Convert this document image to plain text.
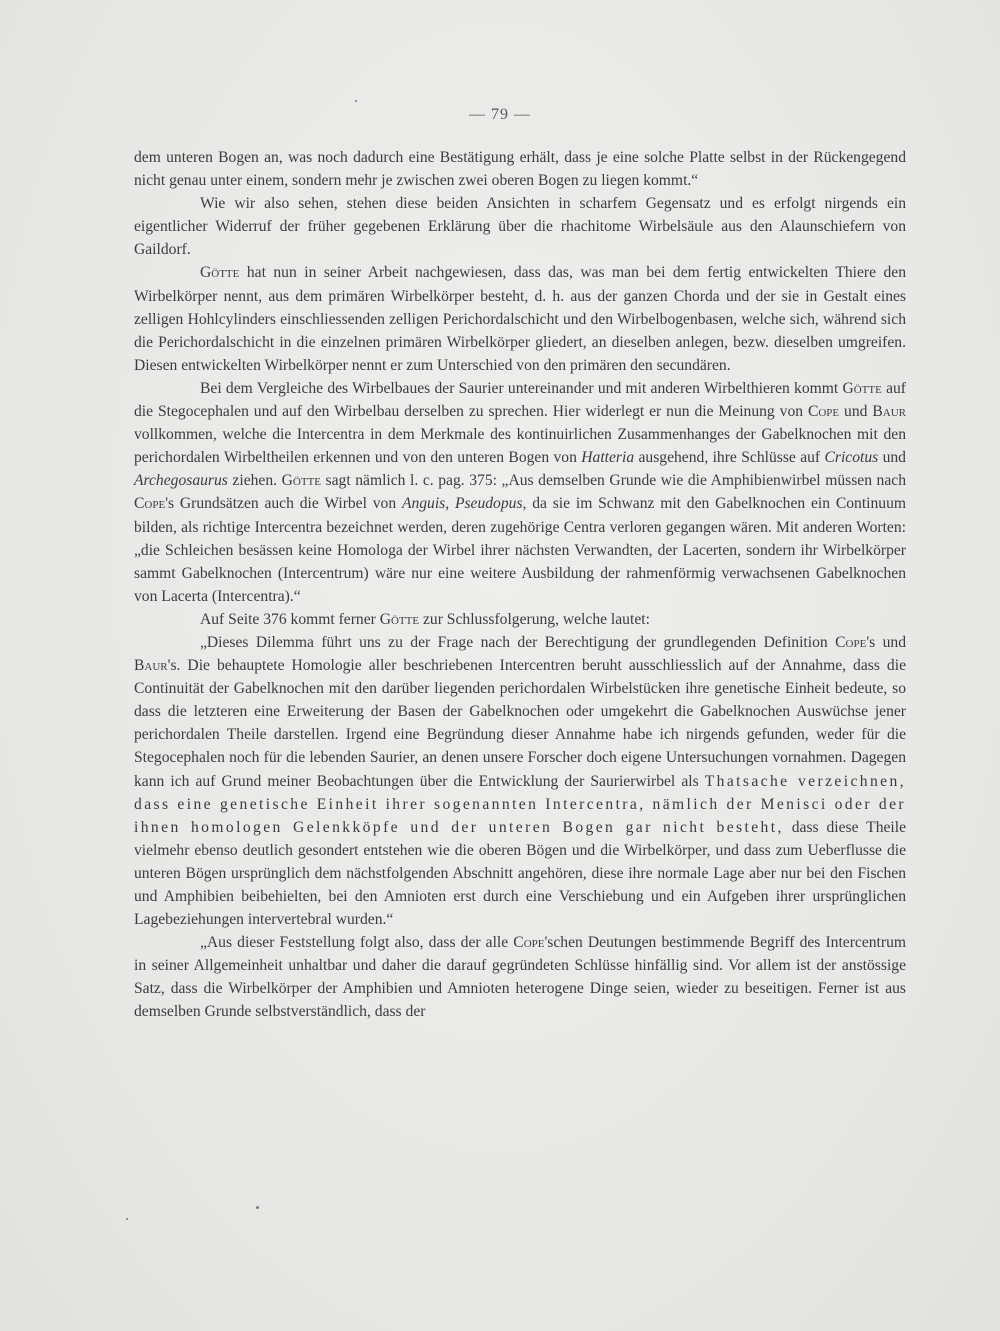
— 79 —

dem unteren Bogen an, was noch dadurch eine Bestätigung erhält, dass je eine solche Platte selbst in der Rückengegend nicht genau unter einem, sondern mehr je zwischen zwei oberen Bogen zu liegen kommt.“

Wie wir also sehen, stehen diese beiden Ansichten in scharfem Gegensatz und es erfolgt nirgends ein eigentlicher Widerruf der früher gegebenen Erklärung über die rhachitome Wirbelsäule aus den Alaunschiefern von Gaildorf.

Götte hat nun in seiner Arbeit nachgewiesen, dass das, was man bei dem fertig entwickelten Thiere den Wirbelkörper nennt, aus dem primären Wirbelkörper besteht, d. h. aus der ganzen Chorda und der sie in Gestalt eines zelligen Hohlcylinders einschliessenden zelligen Perichordalschicht und den Wirbelbogenbasen, welche sich, während sich die Perichordalschicht in die einzelnen primären Wirbelkörper gliedert, an dieselben anlegen, bezw. dieselben umgreifen. Diesen entwickelten Wirbelkörper nennt er zum Unterschied von den primären den secundären.

Bei dem Vergleiche des Wirbelbaues der Saurier untereinander und mit anderen Wirbelthieren kommt Götte auf die Stegocephalen und auf den Wirbelbau derselben zu sprechen. Hier widerlegt er nun die Meinung von Cope und Baur vollkommen, welche die Intercentra in dem Merkmale des kontinuirlichen Zusammenhanges der Gabelknochen mit den perichordalen Wirbeltheilen erkennen und von den unteren Bogen von Hatteria ausgehend, ihre Schlüsse auf Cricotus und Archegosaurus ziehen. Götte sagt nämlich l. c. pag. 375: „Aus demselben Grunde wie die Amphibienwirbel müssen nach Cope's Grundsätzen auch die Wirbel von Anguis, Pseudopus, da sie im Schwanz mit den Gabelknochen ein Continuum bilden, als richtige Intercentra bezeichnet werden, deren zugehörige Centra verloren gegangen wären. Mit anderen Worten: „die Schleichen besässen keine Homologa der Wirbel ihrer nächsten Verwandten, der Lacerten, sondern ihr Wirbelkörper sammt Gabelknochen (Intercentrum) wäre nur eine weitere Ausbildung der rahmenförmig verwachsenen Gabelknochen von Lacerta (Intercentra).“

Auf Seite 376 kommt ferner Götte zur Schlussfolgerung, welche lautet:

„Dieses Dilemma führt uns zu der Frage nach der Berechtigung der grundlegenden Definition Cope's und Baur's. Die behauptete Homologie aller beschriebenen Intercentren beruht ausschliesslich auf der Annahme, dass die Continuität der Gabelknochen mit den darüber liegenden perichordalen Wirbelstücken ihre genetische Einheit bedeute, so dass die letzteren eine Erweiterung der Basen der Gabelknochen oder umgekehrt die Gabelknochen Auswüchse jener perichordalen Theile darstellen. Irgend eine Begründung dieser Annahme habe ich nirgends gefunden, weder für die Stegocephalen noch für die lebenden Saurier, an denen unsere Forscher doch eigene Untersuchungen vornahmen. Dagegen kann ich auf Grund meiner Beobachtungen über die Entwicklung der Saurierwirbel als Thatsache verzeichnen, dass eine genetische Einheit ihrer sogenannten Intercentra, nämlich der Menisci oder der ihnen homologen Gelenkköpfe und der unteren Bogen gar nicht besteht, dass diese Theile vielmehr ebenso deutlich gesondert entstehen wie die oberen Bögen und die Wirbelkörper, und dass zum Ueberflusse die unteren Bögen ursprünglich dem nächstfolgenden Abschnitt angehören, diese ihre normale Lage aber nur bei den Fischen und Amphibien beibehielten, bei den Amnioten erst durch eine Verschiebung und ein Aufgeben ihrer ursprünglichen Lagebeziehungen intervertebral wurden.“

„Aus dieser Feststellung folgt also, dass der alle Cope'schen Deutungen bestimmende Begriff des Intercentrum in seiner Allgemeinheit unhaltbar und daher die darauf gegründeten Schlüsse hinfällig sind. Vor allem ist der anstössige Satz, dass die Wirbelkörper der Amphibien und Amnioten heterogene Dinge seien, wieder zu beseitigen. Ferner ist aus demselben Grunde selbstverständlich, dass der
